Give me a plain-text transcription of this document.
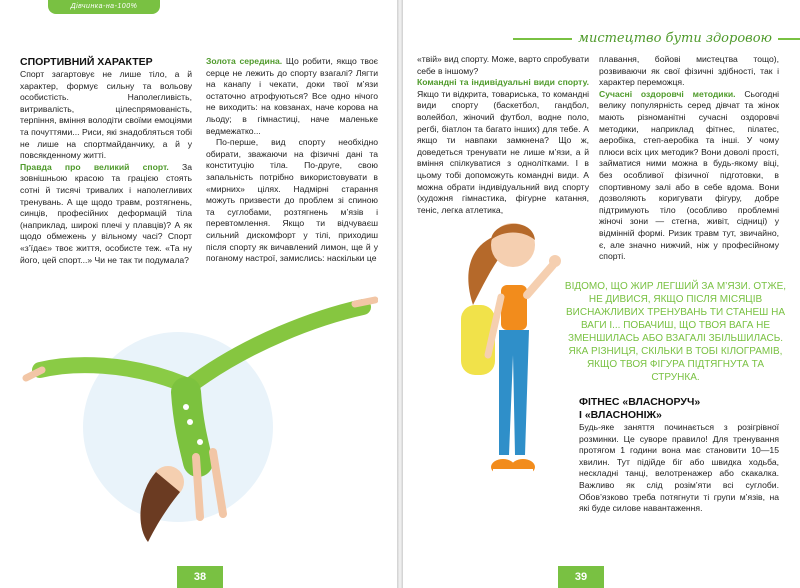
Дівчинка-на-100%

СПОРТИВНИЙ ХАРАКТЕР

Спорт загартовує не лише тіло, а й характер, формує сильну та вольову особистість. Наполегливість, витривалість, цілеспрямованість, терпіння, вміння володіти своїми емоціями та почуттями... Риси, які знадобляться тобі не лише на спортмайданчику, а й у повсякденному житті.

Правда про великий спорт. За зовнішньою красою та грацією стоять сотні й тисячі тривалих і наполегливих тренувань. А ще щодо травм, розтягнень, синців, професійних деформацій тіла (наприклад, широкі плечі у плавців)? А як щодо обмежень у вільному часі? Спорт «з’їдає» твоє життя, особисте теж. «Та ну його, цей спорт...» Чи не так ти подумала?

Золота середина. Що робити, якщо твоє серце не лежить до спорту взагалі? Лягти на канапу і чекати, доки твої м’язи остаточно атрофуються? Все одно нічого не виходить: на ковзанах, наче корова на льоду; в гімнастиці, наче маленьке ведмежатко...

По-перше, вид спорту необхідно обирати, зважаючи на фізичні дані та конституцію тіла. По-друге, свою запальність потрібно використовувати в «мирних» цілях. Надмірні старання можуть призвести до проблем зі спиною та суглобами, розтягнень м’язів і перевтомлення. Якщо ти відчуваєш сильний дискомфорт у тілі, приходиш після спорту як вичавлений лимон, ще й у поганому настрої, замислись: наскільки це

38
мистецтво бути здоровою

«твій» вид спорту. Може, варто спробувати себе в іншому?

Командні та індивідуальні види спорту. Якщо ти відкрита, товариська, то командні види спорту (баскетбол, гандбол, волейбол, жіночий футбол, водне поло, регбі, біатлон та багато інших) для тебе. А якщо ти навпаки замкнена? Що ж, доведеться тренувати не лише м’язи, а й вміння спілкуватися з однолітками. І в цьому тобі допоможуть командні види. А можна обрати індивідуальний вид спорту (художня гімнастика, фігурне катання, теніс, легка атлетика,

плавання, бойові мистецтва тощо), розвиваючи як свої фізичні здібності, так і характер переможця.

Сучасні оздоровчі методики. Сьогодні велику популярність серед дівчат та жінок мають різноманітні сучасні оздоровчі методики, наприклад фітнес, пілатес, аеробіка, степ-аеробіка та інші. У чому плюси всіх цих методик? Вони доволі прості, займатися ними можна в будь-якому віці, без особливої фізичної підготовки, в спортивному залі або в себе вдома. Вони дозволяють коригувати фігуру, добре підтримують тіло (особливо проблемні жіночі зони — стегна, живіт, сідниці) у відмінній формі. Ризик травм тут, звичайно, є, але значно нижчий, ніж у професійному спорті.

ВІДОМО, ЩО ЖИР ЛЕГШИЙ ЗА М’ЯЗИ. ОТЖЕ, НЕ ДИВИСЯ, ЯКЩО ПІСЛЯ МІСЯЦІВ ВИСНАЖЛИВИХ ТРЕНУВАНЬ ТИ СТАНЕШ НА ВАГИ І... ПОБАЧИШ, ЩО ТВОЯ ВАГА НЕ ЗМЕНШИЛАСЬ АБО ВЗАГАЛІ ЗБІЛЬШИЛАСЬ. ЯКА РІЗНИЦЯ, СКІЛЬКИ В ТОБІ КІЛОГРАМІВ, ЯКЩО ТВОЯ ФІГУРА ПІДТЯГНУТА ТА СТРУНКА.

ФІТНЕС «ВЛАСНОРУЧ»

І «ВЛАСНОНІЖ»

Будь-яке заняття починається з розігрівної розминки. Це суворе правило! Для тренування протягом 1 години вона має становити 10—15 хвилин. Тут підійде біг або швидка ходьба, нескладні танці, велотренажер або скакалка. Важливо як слід розім’яти всі суглоби. Обов’язково треба потягнути ті групи м’язів, на які буде силове навантаження.

39
